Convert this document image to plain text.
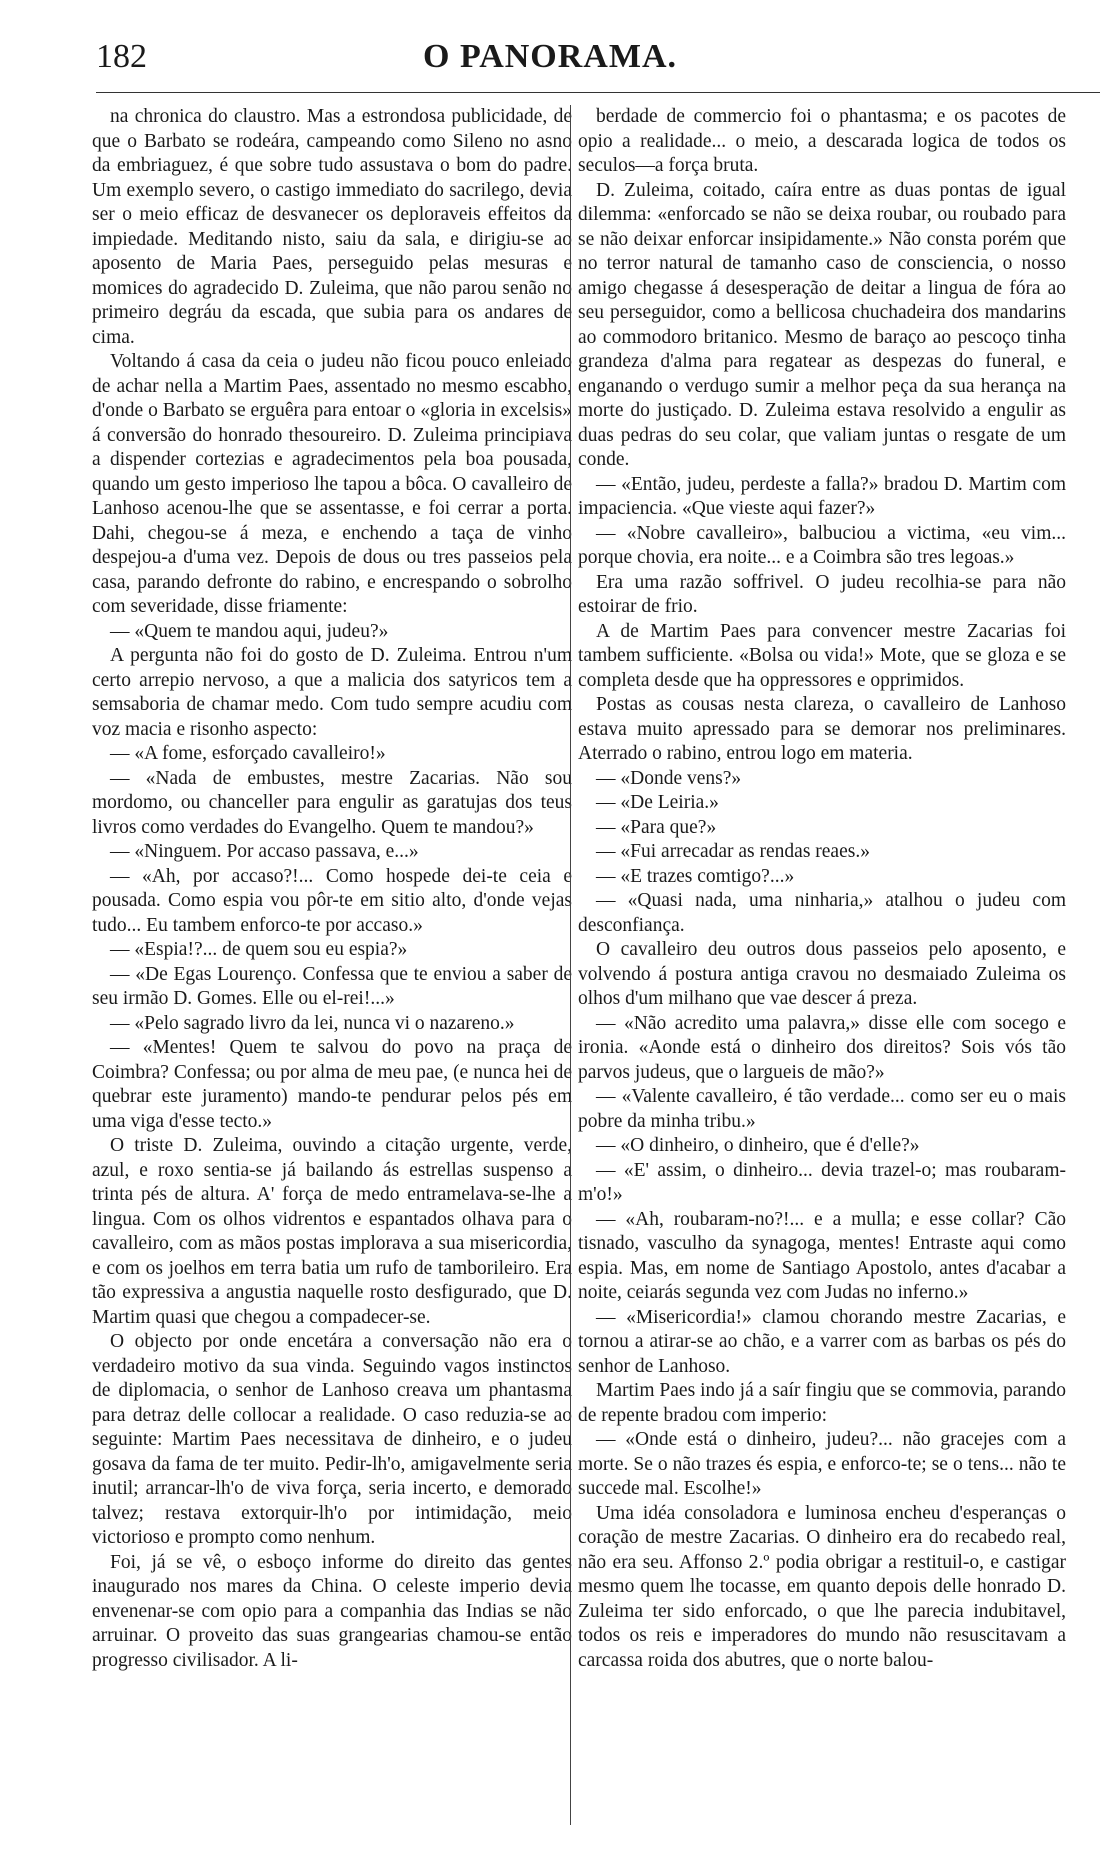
182	O PANORAMA.

na chronica do claustro. Mas a estrondosa publicidade, de que o Barbato se rodeára, campeando como Sileno no asno da embriaguez, é que sobre tudo assustava o bom do padre. Um exemplo severo, o castigo immediato do sacrilego, devia ser o meio efficaz de desvanecer os deploraveis effeitos da impiedade. Meditando nisto, saiu da sala, e dirigiu-se ao aposento de Maria Paes, perseguido pelas mesuras e momices do agradecido D. Zuleima, que não parou senão no primeiro degráu da escada, que subia para os andares de cima.

Voltando á casa da ceia o judeu não ficou pouco enleiado de achar nella a Martim Paes, assentado no mesmo escabho, d'onde o Barbato se erguêra para entoar o «gloria in excelsis» á conversão do honrado thesoureiro. D. Zuleima principiava a dispender cortezias e agradecimentos pela boa pousada, quando um gesto imperioso lhe tapou a bôca. O cavalleiro de Lanhoso acenou-lhe que se assentasse, e foi cerrar a porta. Dahi, chegou-se á meza, e enchendo a taça de vinho despejou-a d'uma vez. Depois de dous ou tres passeios pela casa, parando defronte do rabino, e encrespando o sobrolho com severidade, disse friamente:

— «Quem te mandou aqui, judeu?»

A pergunta não foi do gosto de D. Zuleima. Entrou n'um certo arrepio nervoso, a que a malicia dos satyricos tem a semsaboria de chamar medo. Com tudo sempre acudiu com voz macia e risonho aspecto:

— «A fome, esforçado cavalleiro!»

— «Nada de embustes, mestre Zacarias. Não sou mordomo, ou chanceller para engulir as garatujas dos teus livros como verdades do Evangelho. Quem te mandou?»

— «Ninguem. Por accaso passava, e...»

— «Ah, por accaso?!... Como hospede dei-te ceia e pousada. Como espia vou pôr-te em sitio alto, d'onde vejas tudo... Eu tambem enforco-te por accaso.»

— «Espia!?... de quem sou eu espia?»

— «De Egas Lourenço. Confessa que te enviou a saber de seu irmão D. Gomes. Elle ou el-rei!...»

— «Pelo sagrado livro da lei, nunca vi o nazareno.»

— «Mentes! Quem te salvou do povo na praça de Coimbra? Confessa; ou por alma de meu pae, (e nunca hei de quebrar este juramento) mando-te pendurar pelos pés em uma viga d'esse tecto.»

O triste D. Zuleima, ouvindo a citação urgente, verde, azul, e roxo sentia-se já bailando ás estrellas suspenso a trinta pés de altura. A' força de medo entramelava-se-lhe a lingua. Com os olhos vidrentos e espantados olhava para o cavalleiro, com as mãos postas implorava a sua misericordia, e com os joelhos em terra batia um rufo de tamborileiro. Era tão expressiva a angustia naquelle rosto desfigurado, que D. Martim quasi que chegou a compadecer-se.

O objecto por onde encetára a conversação não era o verdadeiro motivo da sua vinda. Seguindo vagos instinctos de diplomacia, o senhor de Lanhoso creava um phantasma para detraz delle collocar a realidade. O caso reduzia-se ao seguinte: Martim Paes necessitava de dinheiro, e o judeu gosava da fama de ter muito. Pedir-lh'o, amigavelmente seria inutil; arrancar-lh'o de viva força, seria incerto, e demorado talvez; restava extorquir-lh'o por intimidação, meio victorioso e prompto como nenhum.

Foi, já se vê, o esboço informe do direito das gentes inaugurado nos mares da China. O celeste imperio devia envenenar-se com opio para a companhia das Indias se não arruinar. O proveito das suas grangearias chamou-se então progresso civilisador. A li-

berdade de commercio foi o phantasma; e os pacotes de opio a realidade... o meio, a descarada logica de todos os seculos—a força bruta.

D. Zuleima, coitado, caíra entre as duas pontas de igual dilemma: «enforcado se não se deixa roubar, ou roubado para se não deixar enforcar insipidamente.» Não consta porém que no terror natural de tamanho caso de consciencia, o nosso amigo chegasse á desesperação de deitar a lingua de fóra ao seu perseguidor, como a bellicosa chuchadeira dos mandarins ao commodoro britanico. Mesmo de baraço ao pescoço tinha grandeza d'alma para regatear as despezas do funeral, e enganando o verdugo sumir a melhor peça da sua herança na morte do justiçado. D. Zuleima estava resolvido a engulir as duas pedras do seu colar, que valiam juntas o resgate de um conde.

— «Então, judeu, perdeste a falla?» bradou D. Martim com impaciencia. «Que vieste aqui fazer?»

— «Nobre cavalleiro», balbuciou a victima, «eu vim... porque chovia, era noite... e a Coimbra são tres legoas.»

Era uma razão soffrivel. O judeu recolhia-se para não estoirar de frio.

A de Martim Paes para convencer mestre Zacarias foi tambem sufficiente. «Bolsa ou vida!» Mote, que se gloza e se completa desde que ha oppressores e opprimidos.

Postas as cousas nesta clareza, o cavalleiro de Lanhoso estava muito apressado para se demorar nos preliminares. Aterrado o rabino, entrou logo em materia.

— «Donde vens?»

— «De Leiria.»

— «Para que?»

— «Fui arrecadar as rendas reaes.»

— «E trazes comtigo?...»

— «Quasi nada, uma ninharia,» atalhou o judeu com desconfiança.

O cavalleiro deu outros dous passeios pelo aposento, e volvendo á postura antiga cravou no desmaiado Zuleima os olhos d'um milhano que vae descer á preza.

— «Não acredito uma palavra,» disse elle com socego e ironia. «Aonde está o dinheiro dos direitos? Sois vós tão parvos judeus, que o largueis de mão?»

— «Valente cavalleiro, é tão verdade... como ser eu o mais pobre da minha tribu.»

— «O dinheiro, o dinheiro, que é d'elle?»

— «E' assim, o dinheiro... devia trazel-o; mas roubaram-m'o!»

— «Ah, roubaram-no?!... e a mulla; e esse collar? Cão tisnado, vasculho da synagoga, mentes! Entraste aqui como espia. Mas, em nome de Santiago Apostolo, antes d'acabar a noite, ceiarás segunda vez com Judas no inferno.»

— «Misericordia!» clamou chorando mestre Zacarias, e tornou a atirar-se ao chão, e a varrer com as barbas os pés do senhor de Lanhoso.

Martim Paes indo já a saír fingiu que se commovia, parando de repente bradou com imperio:

— «Onde está o dinheiro, judeu?... não gracejes com a morte. Se o não trazes és espia, e enforco-te; se o tens... não te succede mal. Escolhe!»

Uma idéa consoladora e luminosa encheu d'esperanças o coração de mestre Zacarias. O dinheiro era do recabedo real, não era seu. Affonso 2.º podia obrigar a restituil-o, e castigar mesmo quem lhe tocasse, em quanto depois delle honrado D. Zuleima ter sido enforcado, o que lhe parecia indubitavel, todos os reis e imperadores do mundo não resuscitavam a carcassa roida dos abutres, que o norte balou-
